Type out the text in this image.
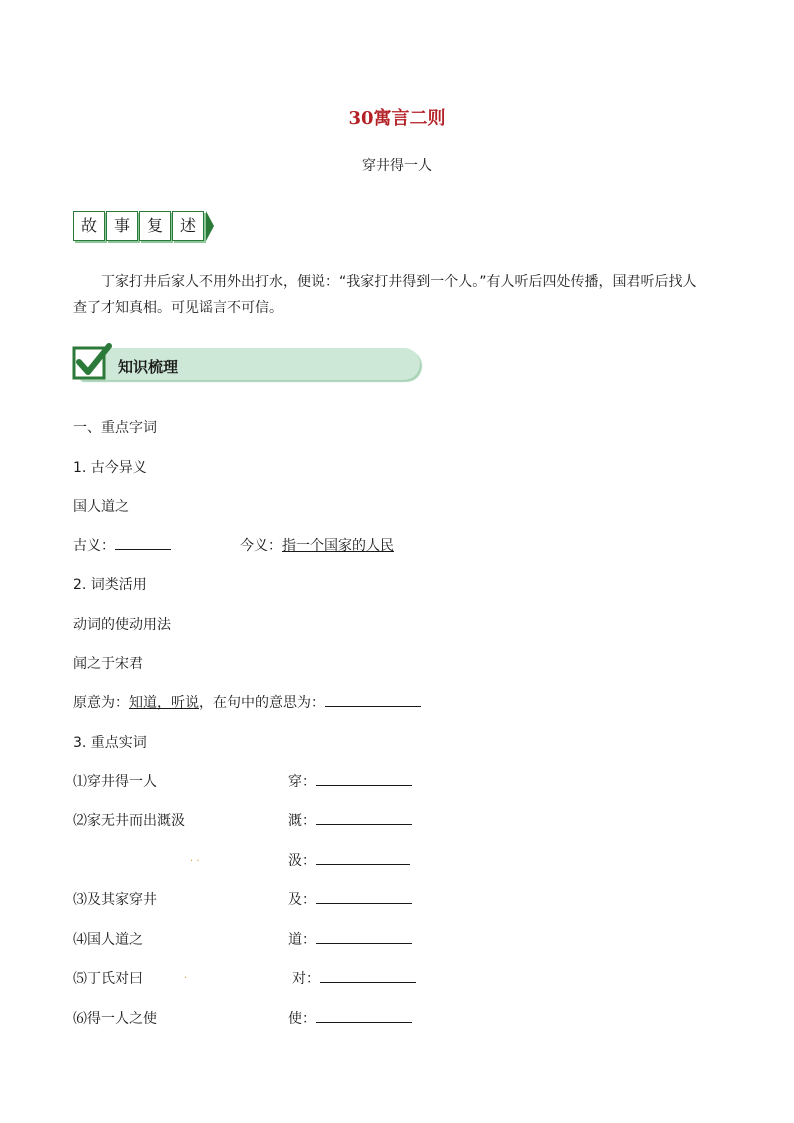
30寓言二则
穿井得一人
故	事	复	述

丁家打井后家人不用外出打水，便说：“我家打井得到一个人。”有人听后四处传播，国君听后找人

查了才知真相。可见谣言不可信。

知识梳理
一、重点字词
1. 古今异义
国人道之
古义：	今义：指一个国家的人民
2. 词类活用
动词的使动用法
闻之于宋君
原意为：知道，听说，在句中的意思为：
3. 重点实词
⑴穿井得一人	穿：
⑵家无井而出溉汲	溉：
· ·	汲：
⑶及其家穿井	及：
⑷国人道之	道：
⑸丁氏对曰	·	对：
⑹得一人之使	使：
